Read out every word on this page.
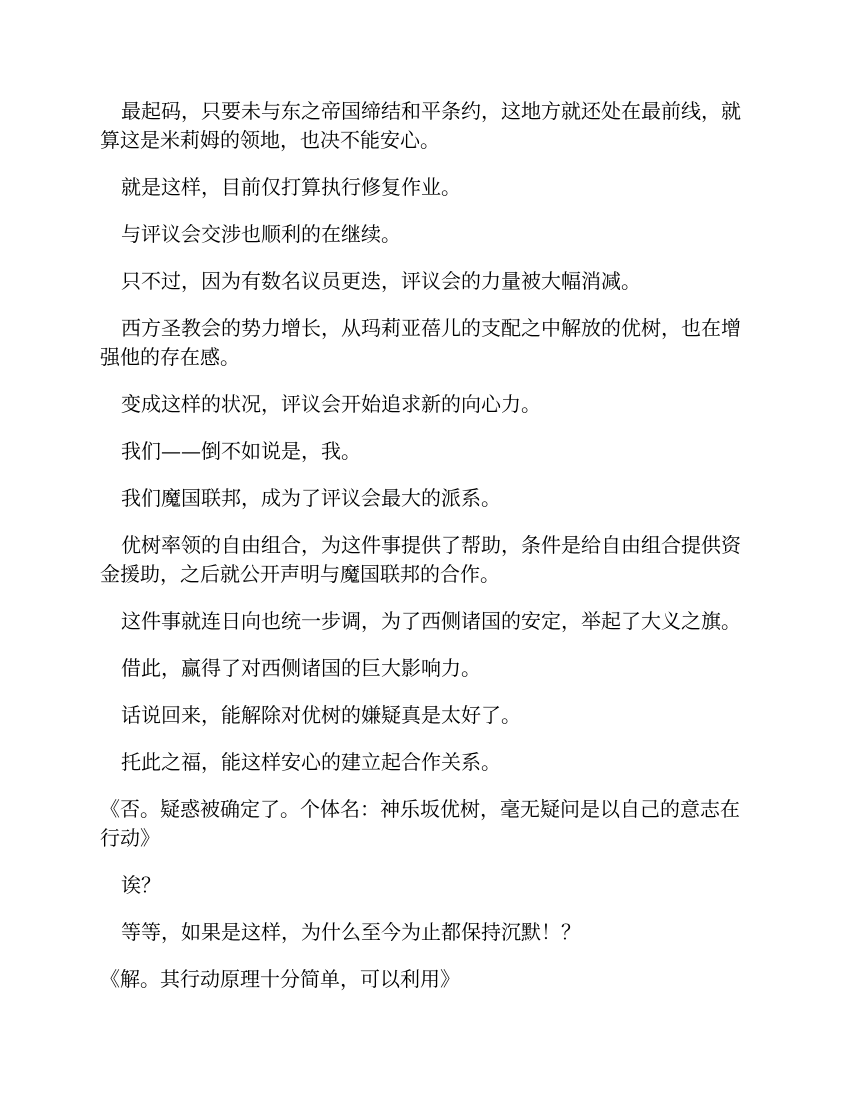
最起码，只要未与东之帝国缔结和平条约，这地方就还处在最前线，就算这是米莉姆的领地，也决不能安心。

就是这样，目前仅打算执行修复作业。

与评议会交涉也顺利的在继续。

只不过，因为有数名议员更迭，评议会的力量被大幅消减。

西方圣教会的势力增长，从玛莉亚蓓儿的支配之中解放的优树，也在增强他的存在感。

变成这样的状况，评议会开始追求新的向心力。

我们——倒不如说是，我。

我们魔国联邦，成为了评议会最大的派系。

优树率领的自由组合，为这件事提供了帮助，条件是给自由组合提供资金援助，之后就公开声明与魔国联邦的合作。

这件事就连日向也统一步调，为了西侧诸国的安定，举起了大义之旗。

借此，赢得了对西侧诸国的巨大影响力。

话说回来，能解除对优树的嫌疑真是太好了。

托此之福，能这样安心的建立起合作关系。

《否。疑惑被确定了。个体名：神乐坂优树，毫无疑问是以自己的意志在行动》

诶？

等等，如果是这样，为什么至今为止都保持沉默！？

《解。其行动原理十分简单，可以利用》
